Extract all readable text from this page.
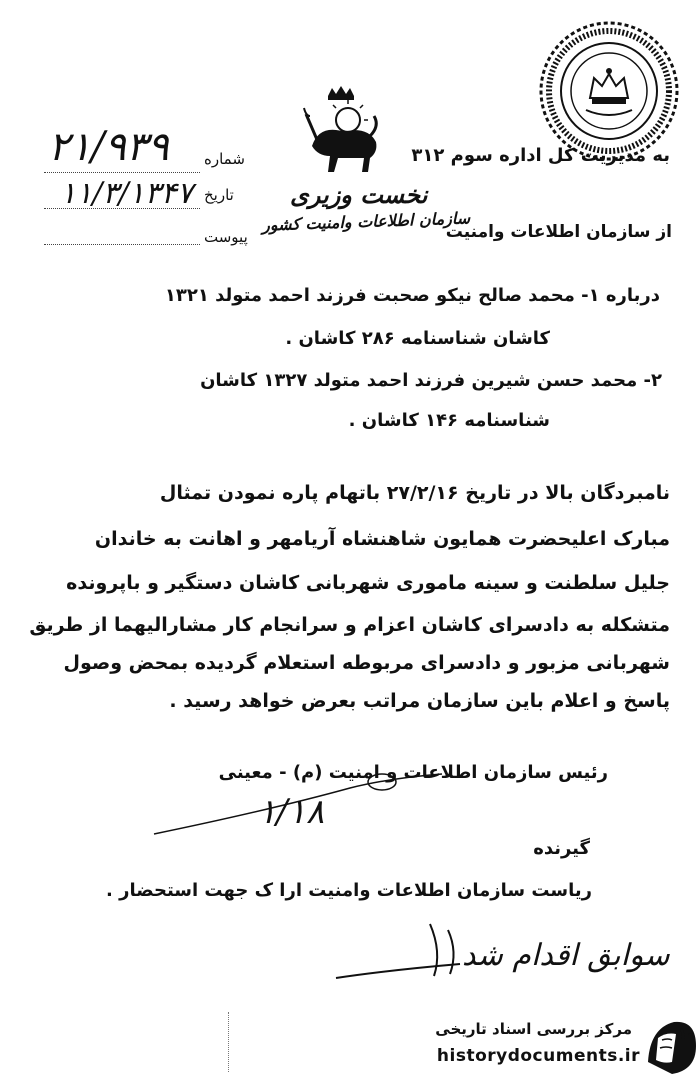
به مدیریت کل اداره سوم ۳۱۲
از سازمان اطلاعات وامنیت
نخست وزیری
سازمان اطلاعات وامنیت کشور
شماره
۲۱/۹۳۹
تاریخ
۱۱/۳/۱۳۴۷
پیوست
درباره ۱- محمد صالح نیکو صحبت فرزند احمد متولد ۱۳۲۱
کاشان شناسنامه ۲۸۶ کاشان .
۲- محمد حسن شیرین فرزند احمد متولد ۱۳۲۷ کاشان
شناسنامه ۱۴۶ کاشان .
نامبردگان بالا در تاریخ ۲۷/۲/۱۶ باتهام پاره نمودن تمثال
مبارک اعلیحضرت همایون شاهنشاه آریامهر و اهانت به خاندان
جلیل سلطنت و سینه ماموری شهربانی کاشان دستگیر و باپرونده
متشکله به دادسرای کاشان اعزام و سرانجام کار مشارالیهما از طریق
شهربانی مزبور و دادسرای مربوطه استعلام گردیده بمحض وصول
پاسخ و اعلام باین سازمان مراتب بعرض خواهد رسید .
رئیس سازمان اطلاعات و امنیت (م) - معینی
۱/۱۸
گیرنده
ریاست سازمان اطلاعات وامنیت ارا ک جهت استحضار .
سوابق اقدام شد
مرکز بررسی اسناد تاریخی
historydocuments.ir
۱-
